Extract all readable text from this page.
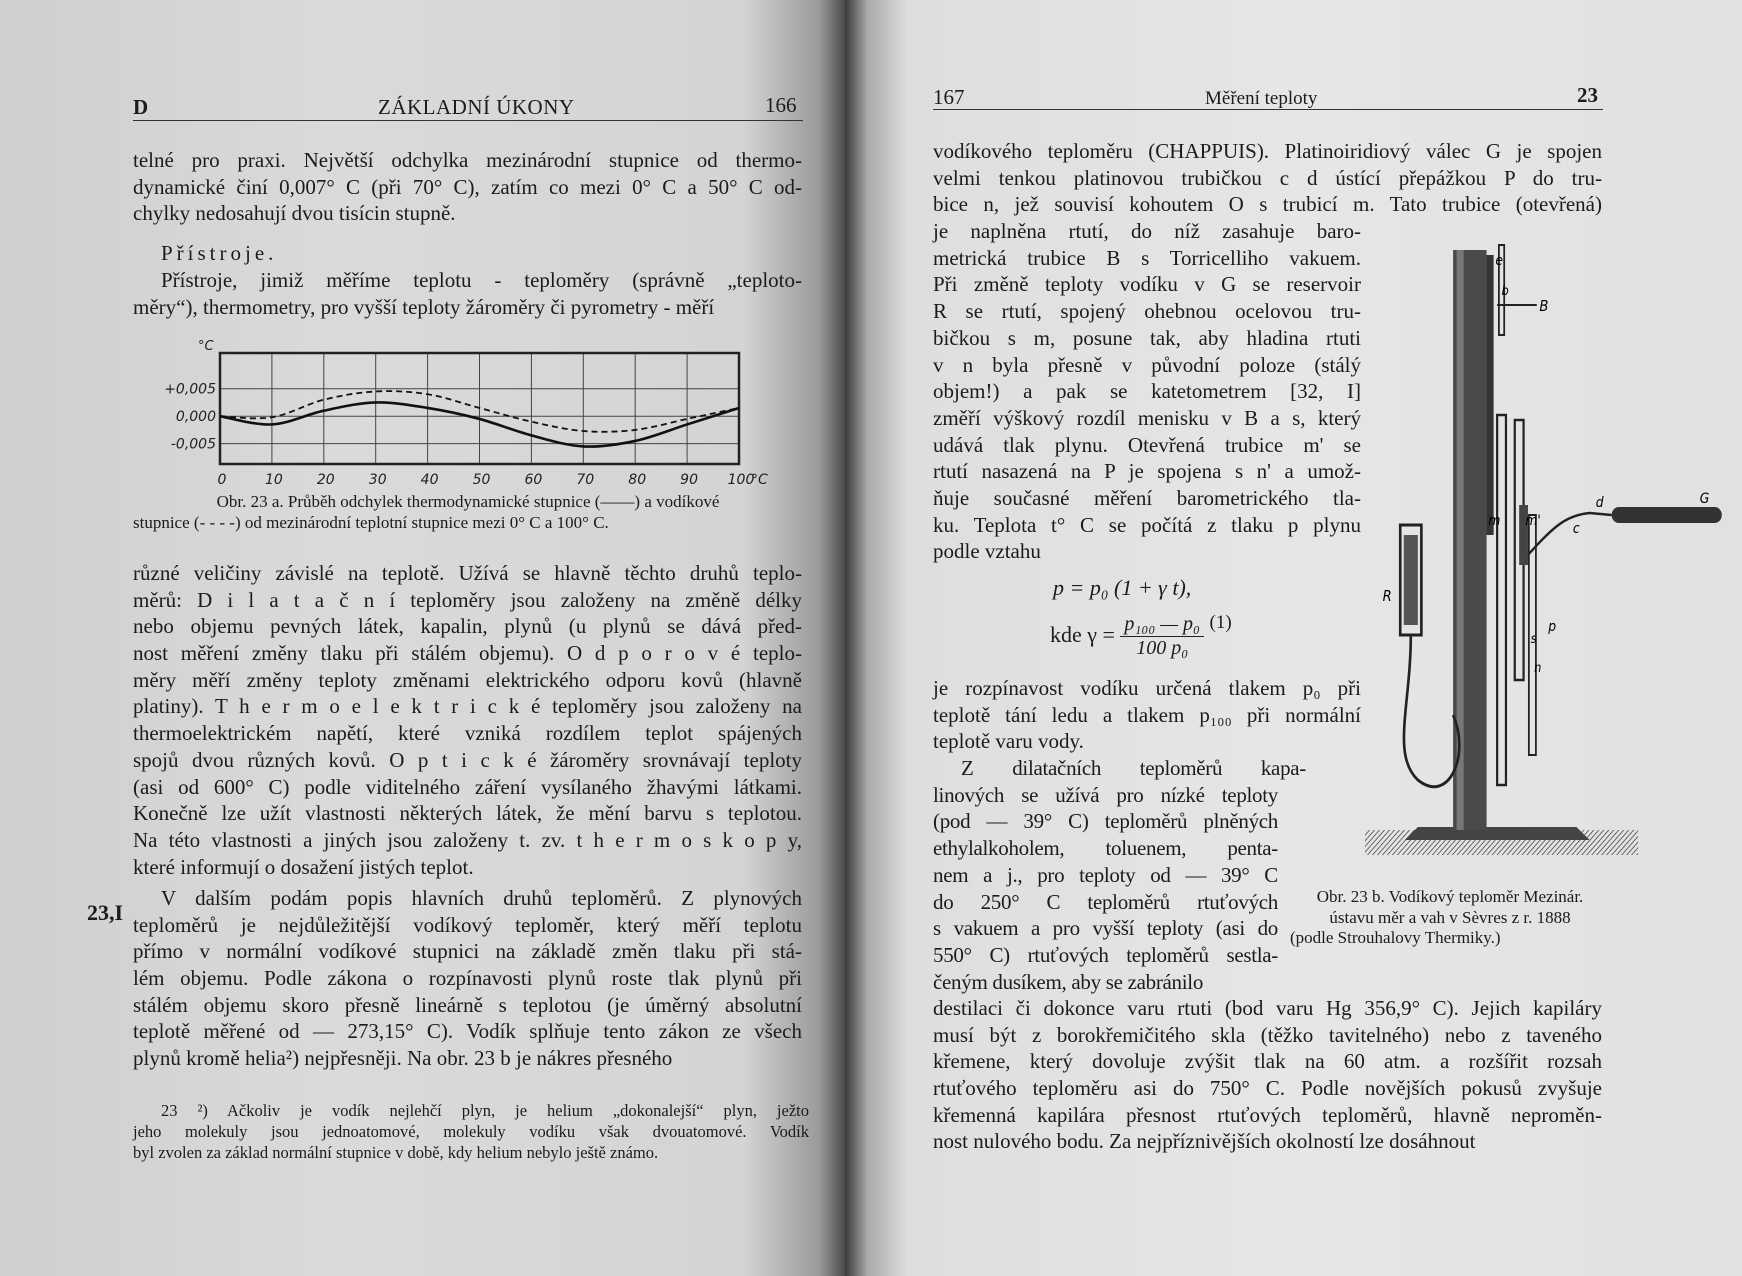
D	ZÁKLADNÍ ÚKONY	166
telné pro praxi. Největší odchylka mezinárodní stupnice od thermo-
dynamické činí 0,007° C (při 70° C), zatím co mezi 0° C a 50° C od-
chylky nedosahují dvou tisícin stupně.
Přístroje.
Přístroje, jimiž měříme teplotu - teploměry (správně „teploto-
měry“), thermometry, pro vyšší teploty žároměry či pyrometry - měří
+0,005
0,000
-0,005
0	10 20 30 40 50 60 70 80 90 100
°C
°C
Obr. 23 a. Průběh odchylek thermodynamické stupnice (——) a vodíkové
stupnice (- - - -) od mezinárodní teplotní stupnice mezi 0° C a 100° C.
různé veličiny závislé na teplotě. Užívá se hlavně těchto druhů teplo-
měrů: D i l a t a č n í teploměry jsou založeny na změně délky
nebo objemu pevných látek, kapalin, plynů (u plynů se dává před-
nost měření změny tlaku při stálém objemu). O d p o r o v é teplo-
měry měří změny teploty změnami elektrického odporu kovů (hlavně
platiny). T h e r m o e l e k t r i c k é teploměry jsou založeny na
thermoelektrickém napětí, které vzniká rozdílem teplot spájených
spojů dvou různých kovů. O p t i c k é žároměry srovnávají teploty
(asi od 600° C) podle viditelného záření vysílaného žhavými látkami.
Konečně lze užít vlastnosti některých látek, že mění barvu s teplotou.
Na této vlastnosti a jiných jsou založeny t. zv. t h e r m o s k o p y,
které informují o dosažení jistých teplot.
23,I
V dalším podám popis hlavních druhů teploměrů. Z plynových
teploměrů je nejdůležitější vodíkový teploměr, který měří teplotu
přímo v normální vodíkové stupnici na základě změn tlaku při stá-
lém objemu. Podle zákona o rozpínavosti plynů roste tlak plynů při
stálém objemu skoro přesně lineárně s teplotou (je úměrný absolutní
teplotě měřené od — 273,15° C). Vodík splňuje tento zákon ze všech
plynů kromě helia²) nejpřesněji. Na obr. 23 b je nákres přesného
23 ²) Ačkoliv je vodík nejlehčí plyn, je helium „dokonalejší“ plyn, ježto
jeho molekuly jsou jednoatomové, molekuly vodíku však dvouatomové. Vodík
byl zvolen za základ normální stupnice v době, kdy helium nebylo ještě známo.
167	Měření teploty	23
vodíkového teploměru (CHAPPUIS). Platinoiridiový válec G je spojen
velmi tenkou platinovou trubičkou c d ústící přepážkou P do tru-
bice n, jež souvisí kohoutem O s trubicí m. Tato trubice (otevřená)
je naplněna rtutí, do níž zasahuje baro-
metrická trubice B s Torricelliho vakuem.
Při změně teploty vodíku v G se reservoir
R se rtutí, spojený ohebnou ocelovou tru-
bičkou s m, posune tak, aby hladina rtuti
v n byla přesně v původní poloze (stálý
objem!) a pak se katetometrem [32, I]
změří výškový rozdíl menisku v B a s, který
udává tlak plynu. Otevřená trubice m' se
rtutí nasazená na P je spojena s n' a umož-
ňuje současné měření barometrického tla-
ku. Teplota t° C se počítá z tlaku p plynu
podle vztahu
p = p₀ (1 + γ t),
kde $\gamma = \frac{\text{p₁₀₀ — p₀}}{\text{100 p₀}} (1)$
je rozpínavost vodíku určená tlakem p₀ při
teplotě tání ledu a tlakem p₁₀₀ při normální
teplotě varu vody.
Z dilatačních teploměrů kapa-
linových se užívá pro nízké teploty
(pod — 39° C) teploměrů plněných
ethylalkoholem, toluenem, penta-
nem a j., pro teploty od — 39° C
do 250° C teploměrů rtuťových
s vakuem a pro vyšší teploty (asi do
550° C) rtuťových teploměrů sestla-
čeným dusíkem, aby se zabránilo
destilaci či dokonce varu rtuti (bod varu Hg 356,9° C). Jejich kapiláry
musí být z borokřemičitého skla (těžko tavitelného) nebo z taveného
křemene, který dovoluje zvýšit tlak na 60 atm. a rozšířit rozsah
rtuťového teploměru asi do 750° C. Podle novějších pokusů zvyšuje
křemenná kapilára přesnost rtuťových teploměrů, hlavně neproměn-
nost nulového bodu. Za nejpříznivějších okolností lze dosáhnout
Obr. 23 b. Vodíkový teploměr Mezinár.
ústavu měr a vah v Sèvres z r. 1888
(podle Strouhalovy Thermiky.)
e
B
b
m m'
R
c
d	G
p
s
n
